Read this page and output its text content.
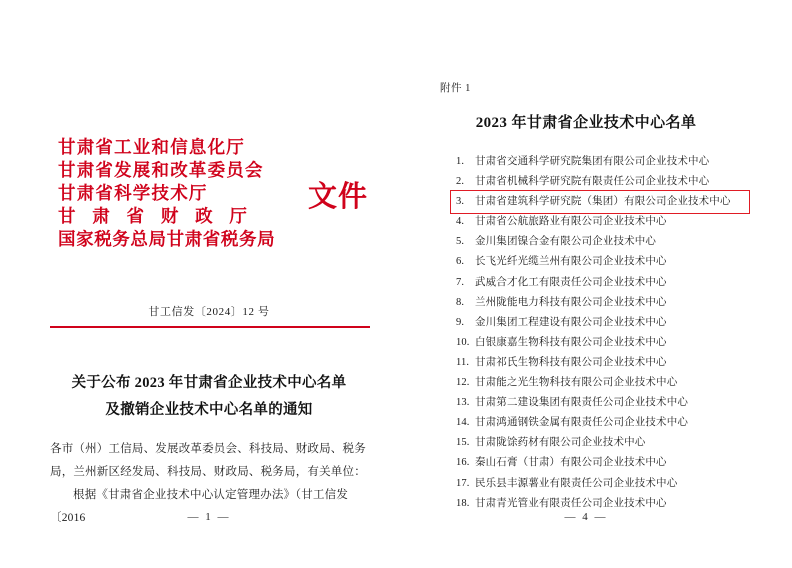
甘肃省工业和信息化厅
甘肃省发展和改革委员会
甘肃省科学技术厅
甘 肃 省 财 政 厅
国家税务总局甘肃省税务局
文件
甘工信发〔2024〕12 号
关于公布 2023 年甘肃省企业技术中心名单
及撤销企业技术中心名单的通知

各市（州）工信局、发展改革委员会、科技局、财政局、税务

局，兰州新区经发局、科技局、财政局、税务局，有关单位：

根据《甘肃省企业技术中心认定管理办法》（甘工信发〔2016	— 1 —
附件 1
2023 年甘肃省企业技术中心名单
1. 甘肃省交通科学研究院集团有限公司企业技术中心
2. 甘肃省机械科学研究院有限责任公司企业技术中心
3. 甘肃省建筑科学研究院（集团）有限公司企业技术中心
4. 甘肃省公航旅路业有限公司企业技术中心
5. 金川集团镍合金有限公司企业技术中心
6. 长飞光纤光缆兰州有限公司企业技术中心
7. 武威合才化工有限责任公司企业技术中心
8. 兰州陇能电力科技有限公司企业技术中心
9. 金川集团工程建设有限公司企业技术中心
10. 白银康嘉生物科技有限公司企业技术中心
11. 甘肃祁氏生物科技有限公司企业技术中心
12. 甘肃能之光生物科技有限公司企业技术中心
13. 甘肃第二建设集团有限责任公司企业技术中心
14. 甘肃鸿通钢铁金属有限责任公司企业技术中心
15. 甘肃陇馀药材有限公司企业技术中心
16. 秦山石膏（甘肃）有限公司企业技术中心
17. 民乐县丰源薯业有限责任公司企业技术中心
18. 甘肃青光管业有限责任公司企业技术中心
— 4 —
